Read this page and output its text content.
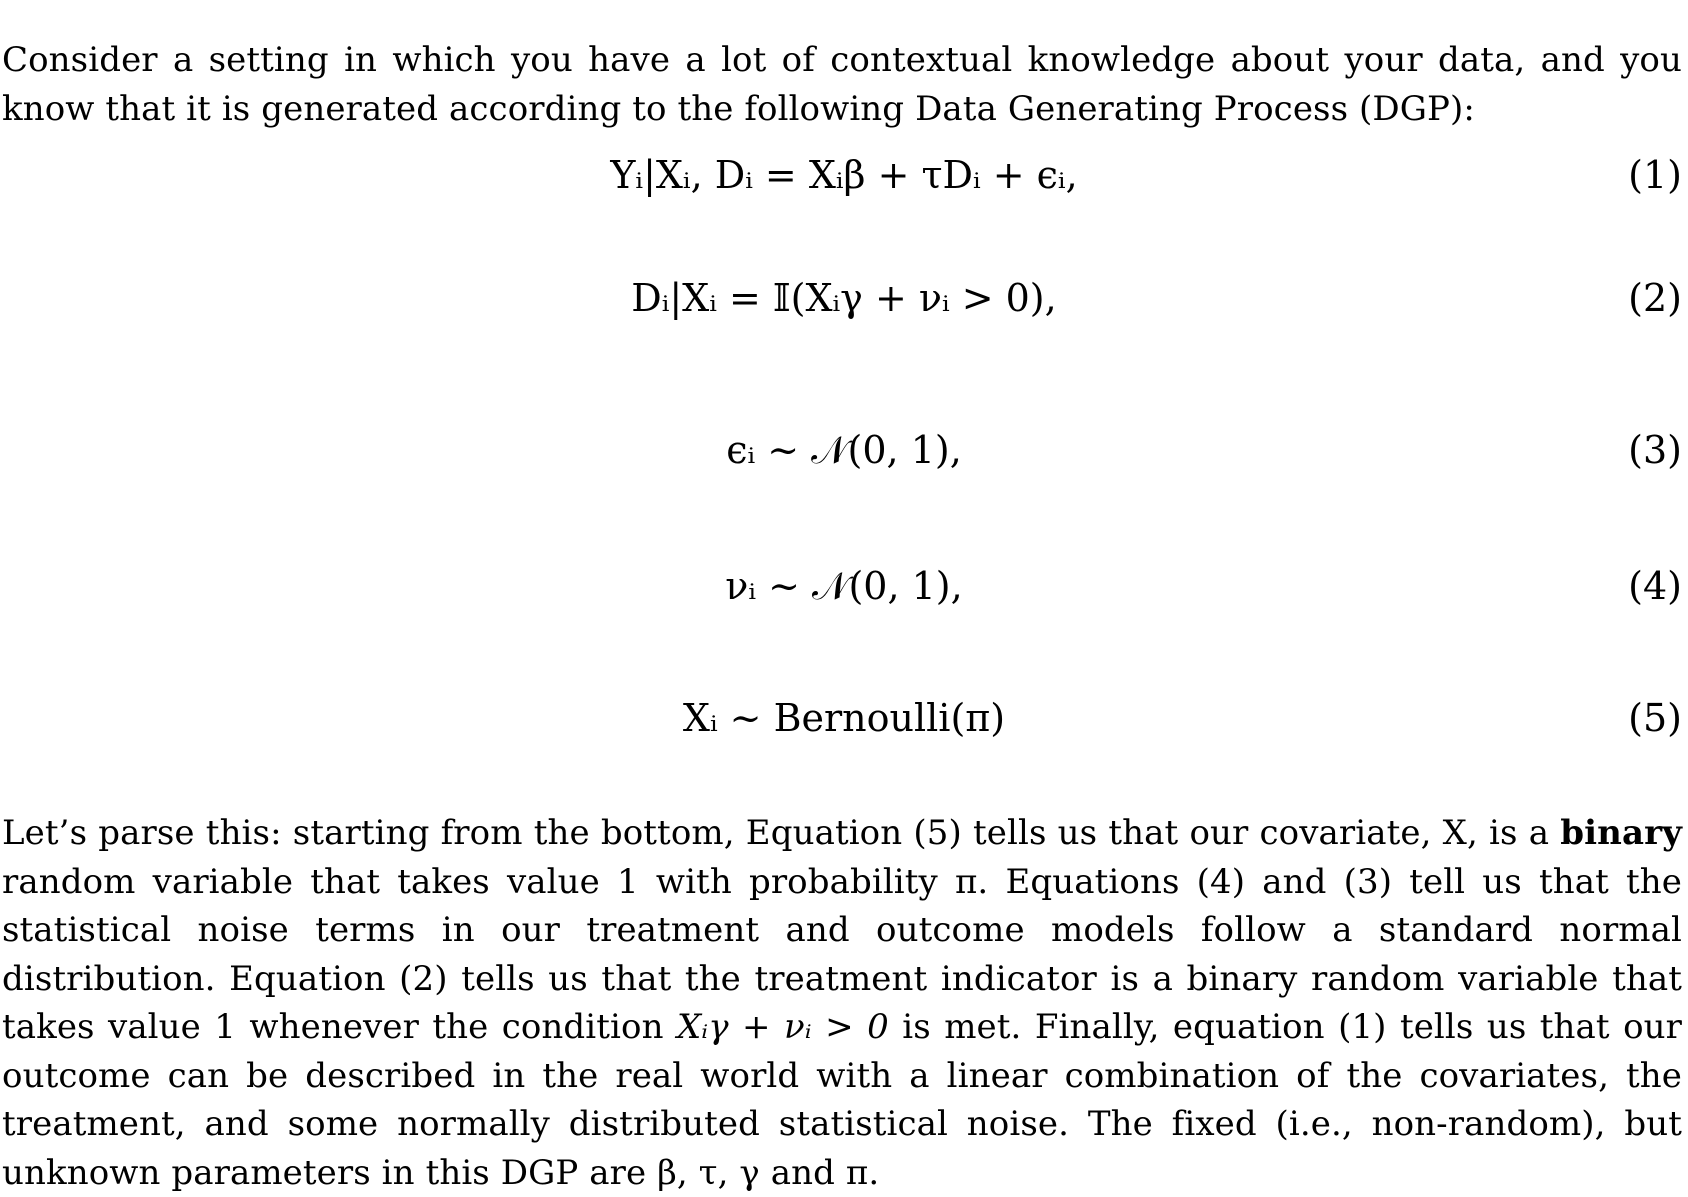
Consider a setting in which you have a lot of contextual knowledge about your data, and you know that it is generated according to the following Data Generating Process (DGP):

Yᵢ|Xᵢ, Dᵢ = Xᵢβ + τDᵢ + ϵᵢ,	(1)
Dᵢ|Xᵢ = 𝕀(Xᵢγ + νᵢ > 0),	(2)
ϵᵢ ~ 𝒩(0, 1),	(3)
νᵢ ~ 𝒩(0, 1),	(4)
Xᵢ ~ Bernoulli(π)	(5)

Let’s parse this: starting from the bottom, Equation (5) tells us that our covariate, X, is a binary random variable that takes value 1 with probability π. Equations (4) and (3) tell us that the statistical noise terms in our treatment and outcome models follow a standard normal distribution. Equation (2) tells us that the treatment indicator is a binary random variable that takes value 1 whenever the condition Xᵢγ + νᵢ > 0 is met. Finally, equation (1) tells us that our outcome can be described in the real world with a linear combination of the covariates, the treatment, and some normally distributed statistical noise. The fixed (i.e., non-random), but unknown parameters in this DGP are β, τ, γ and π.
